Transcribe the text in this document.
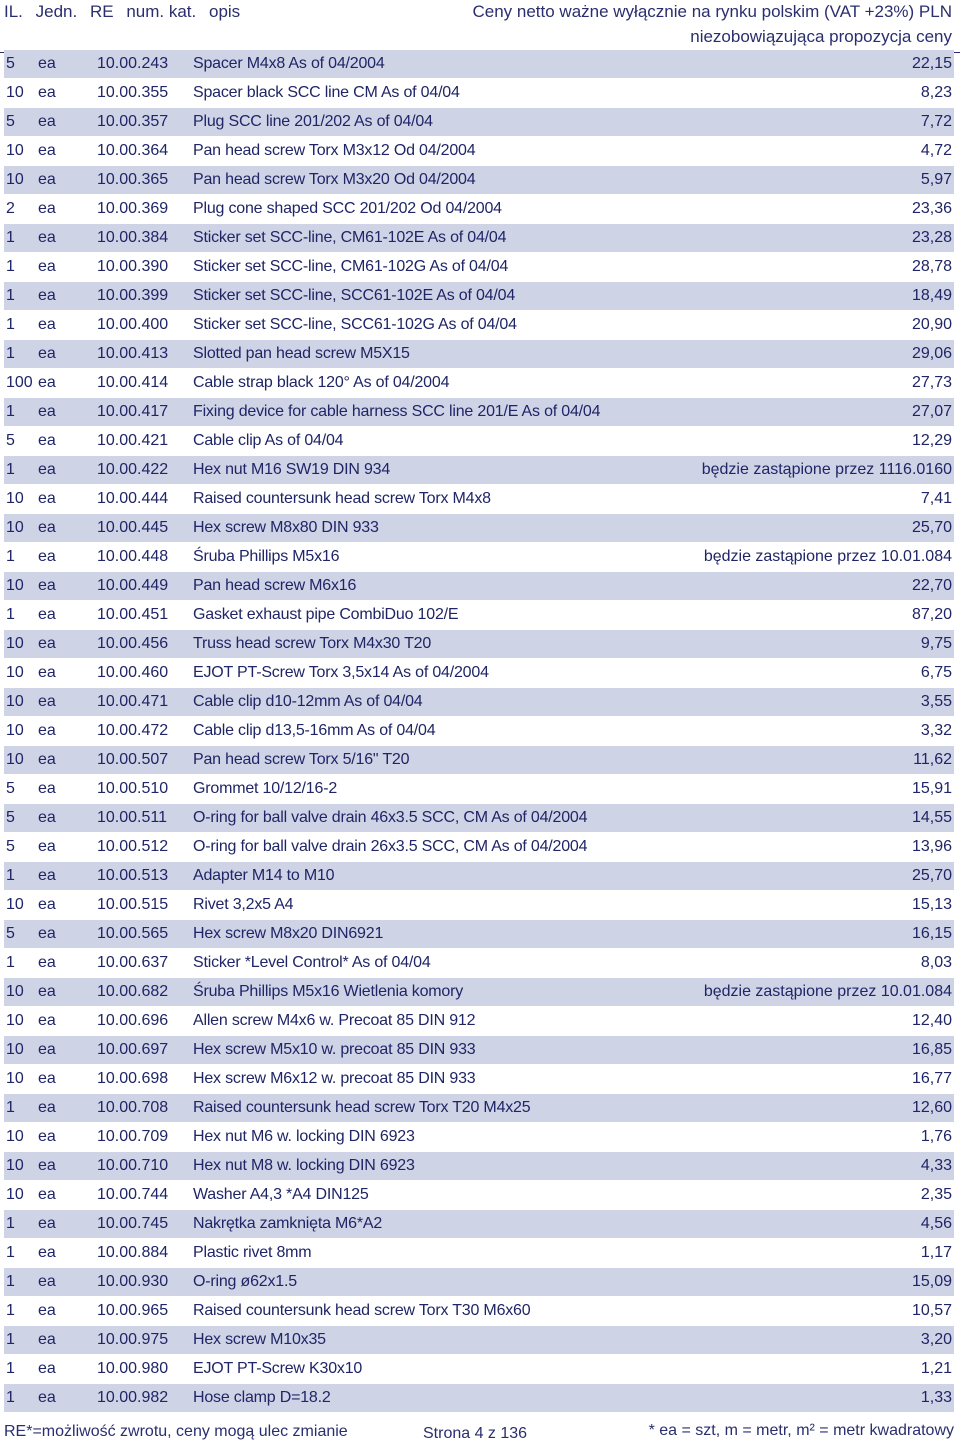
IL. Jedn. RE num. kat. opis	Ceny netto ważne wyłącznie na rynku polskim (VAT +23%) PLN
niezobowiązująca propozycja ceny
5 ea	10.00.243 Spacer M4x8 As of 04/2004	22,15
10 ea	10.00.355 Spacer black SCC line CM As of 04/04	8,23
5 ea	10.00.357 Plug SCC line 201/202 As of 04/04	7,72
10 ea	10.00.364 Pan head screw Torx M3x12 Od 04/2004	4,72
10 ea	10.00.365 Pan head screw Torx M3x20 Od 04/2004	5,97
2 ea	10.00.369 Plug cone shaped SCC 201/202 Od 04/2004	23,36
1 ea	10.00.384 Sticker set SCC-line, CM61-102E As of 04/04	23,28
1 ea	10.00.390 Sticker set SCC-line, CM61-102G As of 04/04	28,78
1 ea	10.00.399 Sticker set SCC-line, SCC61-102E As of 04/04	18,49
1 ea	10.00.400 Sticker set SCC-line, SCC61-102G As of 04/04	20,90
1 ea	10.00.413 Slotted pan head screw M5X15	29,06
100 ea	10.00.414 Cable strap black 120° As of 04/2004	27,73
1 ea	10.00.417 Fixing device for cable harness SCC line 201/E As of 04/04	27,07
5 ea	10.00.421 Cable clip As of 04/04	12,29
1 ea	10.00.422 Hex nut M16 SW19 DIN 934	będzie zastąpione przez 1116.0160
10 ea	10.00.444 Raised countersunk head screw Torx M4x8	7,41
10 ea	10.00.445 Hex screw M8x80 DIN 933	25,70
1 ea	10.00.448 Śruba Phillips M5x16	będzie zastąpione przez 10.01.084
10 ea	10.00.449 Pan head screw M6x16	22,70
1 ea	10.00.451 Gasket exhaust pipe CombiDuo 102/E	87,20
10 ea	10.00.456 Truss head screw Torx M4x30 T20	9,75
10 ea	10.00.460 EJOT PT-Screw Torx 3,5x14 As of 04/2004	6,75
10 ea	10.00.471 Cable clip d10-12mm As of 04/04	3,55
10 ea	10.00.472 Cable clip d13,5-16mm As of 04/04	3,32
10 ea	10.00.507 Pan head screw Torx 5/16" T20	11,62
5 ea	10.00.510 Grommet 10/12/16-2	15,91
5 ea	10.00.511 O-ring for ball valve drain 46x3.5 SCC, CM As of 04/2004	14,55
5 ea	10.00.512 O-ring for ball valve drain 26x3.5 SCC, CM As of 04/2004	13,96
1 ea	10.00.513 Adapter M14 to M10	25,70
10 ea	10.00.515 Rivet 3,2x5 A4	15,13
5 ea	10.00.565 Hex screw M8x20 DIN6921	16,15
1 ea	10.00.637 Sticker *Level Control* As of 04/04	8,03
10 ea	10.00.682 Śruba Phillips M5x16 Wietlenia komory	będzie zastąpione przez 10.01.084
10 ea	10.00.696 Allen screw M4x6 w. Precoat 85 DIN 912	12,40
10 ea	10.00.697 Hex screw M5x10 w. precoat 85 DIN 933	16,85
10 ea	10.00.698 Hex screw M6x12 w. precoat 85 DIN 933	16,77
1 ea	10.00.708 Raised countersunk head screw Torx T20 M4x25	12,60
10 ea	10.00.709 Hex nut M6 w. locking DIN 6923	1,76
10 ea	10.00.710 Hex nut M8 w. locking DIN 6923	4,33
10 ea	10.00.744 Washer A4,3 *A4 DIN125	2,35
1 ea	10.00.745 Nakrętka zamknięta M6*A2	4,56
1 ea	10.00.884 Plastic rivet 8mm	1,17
1 ea	10.00.930 O-ring ø62x1.5	15,09
1 ea	10.00.965 Raised countersunk head screw Torx T30 M6x60	10,57
1 ea	10.00.975 Hex screw M10x35	3,20
1 ea	10.00.980 EJOT PT-Screw K30x10	1,21
1 ea	10.00.982 Hose clamp D=18.2	1,33
RE*=możliwość zwrotu, ceny mogą ulec zmianie	Strona 4 z 136	* ea = szt, m = metr, m² = metr kwadratowy
